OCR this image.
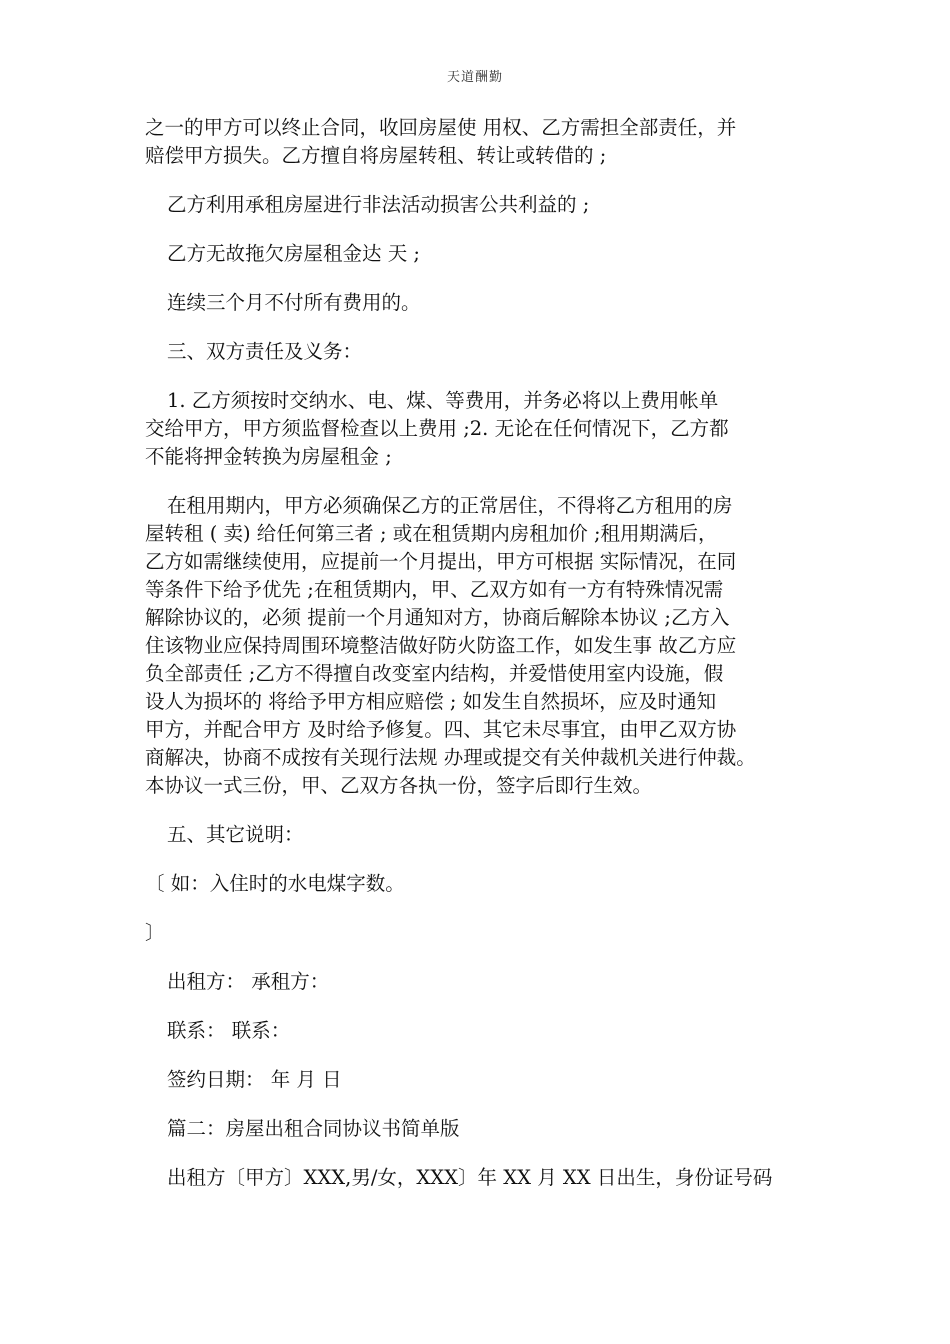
天道酬勤
之一的甲方可以终止合同，收回房屋使 用权、乙方需担全部责任，并
赔偿甲方损失。乙方擅自将房屋转租、转让或转借的 ;
乙方利用承租房屋进行非法活动损害公共利益的 ;
乙方无故拖欠房屋租金达 天 ;
连续三个月不付所有费用的。
三、双方责任及义务：
1. 乙方须按时交纳水、电、煤、等费用，并务必将以上费用帐单
交给甲方，甲方须监督检查以上费用 ;2. 无论在任何情况下，乙方都
不能将押金转换为房屋租金 ;
在租用期内，甲方必须确保乙方的正常居住，不得将乙方租用的房
屋转租 ( 卖) 给任何第三者 ; 或在租赁期内房租加价 ;租用期满后，
乙方如需继续使用，应提前一个月提出，甲方可根据 实际情况，在同
等条件下给予优先 ;在租赁期内，甲、乙双方如有一方有特殊情况需
解除协议的，必须 提前一个月通知对方，协商后解除本协议 ;乙方入
住该物业应保持周围环境整洁做好防火防盗工作，如发生事 故乙方应
负全部责任 ;乙方不得擅自改变室内结构，并爱惜使用室内设施，假
设人为损坏的 将给予甲方相应赔偿 ; 如发生自然损坏，应及时通知
甲方，并配合甲方 及时给予修复。四、其它未尽事宜，由甲乙双方协
商解决，协商不成按有关现行法规 办理或提交有关仲裁机关进行仲裁。
本协议一式三份，甲、乙双方各执一份，签字后即行生效。
五、其它说明：
〔 如：入住时的水电煤字数。
〕
出租方： 承租方：
联系： 联系：
签约日期： 年 月 日
篇二：房屋出租合同协议书简单版
出租方〔甲方〕XXX,男/女，XXX〕年 XX 月 XX 日出生，身份证号码
